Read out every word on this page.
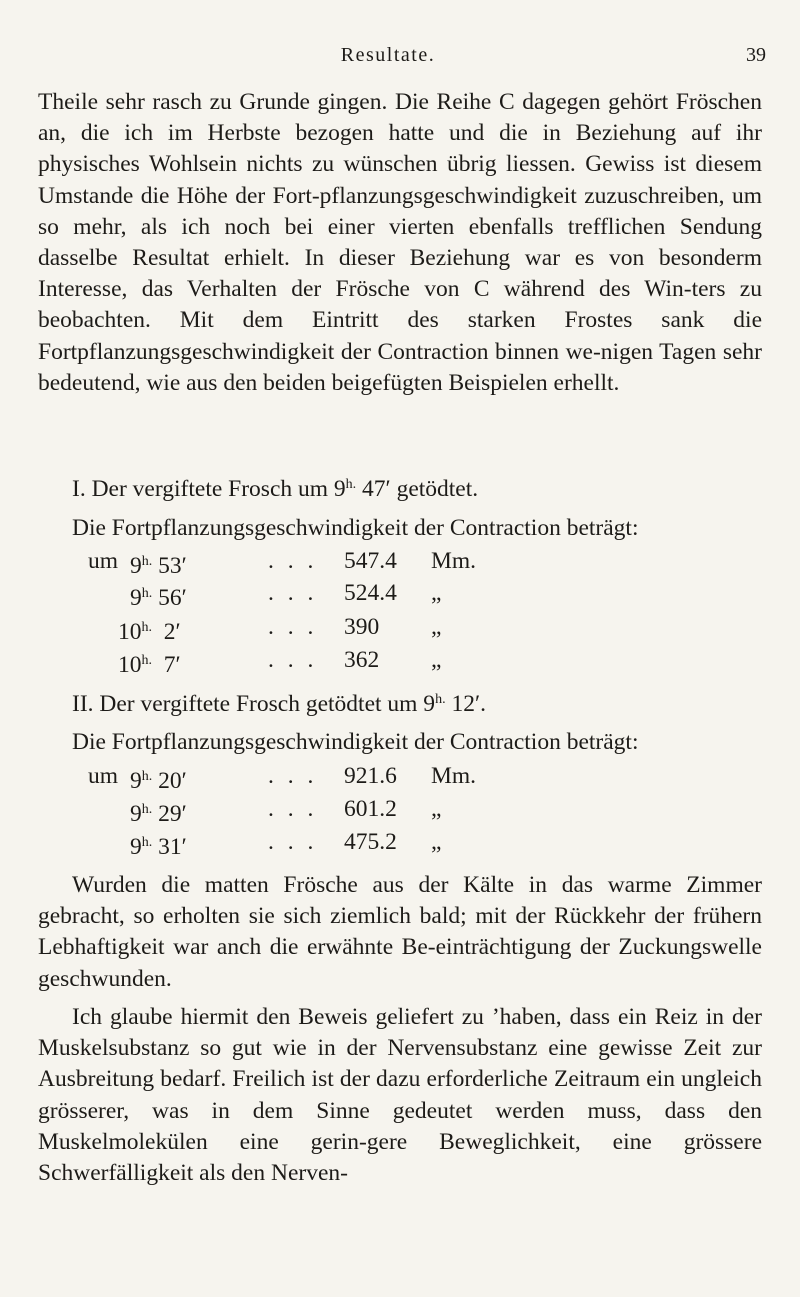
Resultate.	39

Theile sehr rasch zu Grunde gingen. Die Reihe C dagegen gehört Fröschen an, die ich im Herbste bezogen hatte und die in Beziehung auf ihr physisches Wohlsein nichts zu wünschen übrig liessen. Gewiss ist diesem Umstande die Höhe der Fort-pflanzungsgeschwindigkeit zuzuschreiben, um so mehr, als ich noch bei einer vierten ebenfalls trefflichen Sendung dasselbe Resultat erhielt. In dieser Beziehung war es von besonderm Interesse, das Verhalten der Frösche von C während des Win-ters zu beobachten. Mit dem Eintritt des starken Frostes sank die Fortpflanzungsgeschwindigkeit der Contraction binnen we-nigen Tagen sehr bedeutend, wie aus den beiden beigefügten Beispielen erhellt.

I. Der vergiftete Frosch um $9^{h.}$ 47′ getödtet.
Die Fortpflanzungsgeschwindigkeit der Contraction beträgt:
um $9^{h.}$ 53′	. . . 547.4 Mm.
$9^{h.}$ 56′	. . . 524.4 „
$10^{h.}$  2′	. . . 390 „
$10^{h.}$  7′	. . . 362 „
II. Der vergiftete Frosch getödtet um $9^{h.}$ 12′.
Die Fortpflanzungsgeschwindigkeit der Contraction beträgt:
um $9^{h.}$ 20′	. . . 921.6 Mm.
$9^{h.}$ 29′	. . . 601.2 „
$9^{h.}$ 31′	. . . 475.2 „

Wurden die matten Frösche aus der Kälte in das warme Zimmer gebracht, so erholten sie sich ziemlich bald; mit der Rückkehr der frühern Lebhaftigkeit war anch die erwähnte Be-einträchtigung der Zuckungswelle geschwunden.

Ich glaube hiermit den Beweis geliefert zu ’haben, dass ein Reiz in der Muskelsubstanz so gut wie in der Nervensubstanz eine gewisse Zeit zur Ausbreitung bedarf. Freilich ist der dazu erforderliche Zeitraum ein ungleich grösserer, was in dem Sinne gedeutet werden muss, dass den Muskelmolekülen eine gerin-gere Beweglichkeit, eine grössere Schwerfälligkeit als den Nerven-
